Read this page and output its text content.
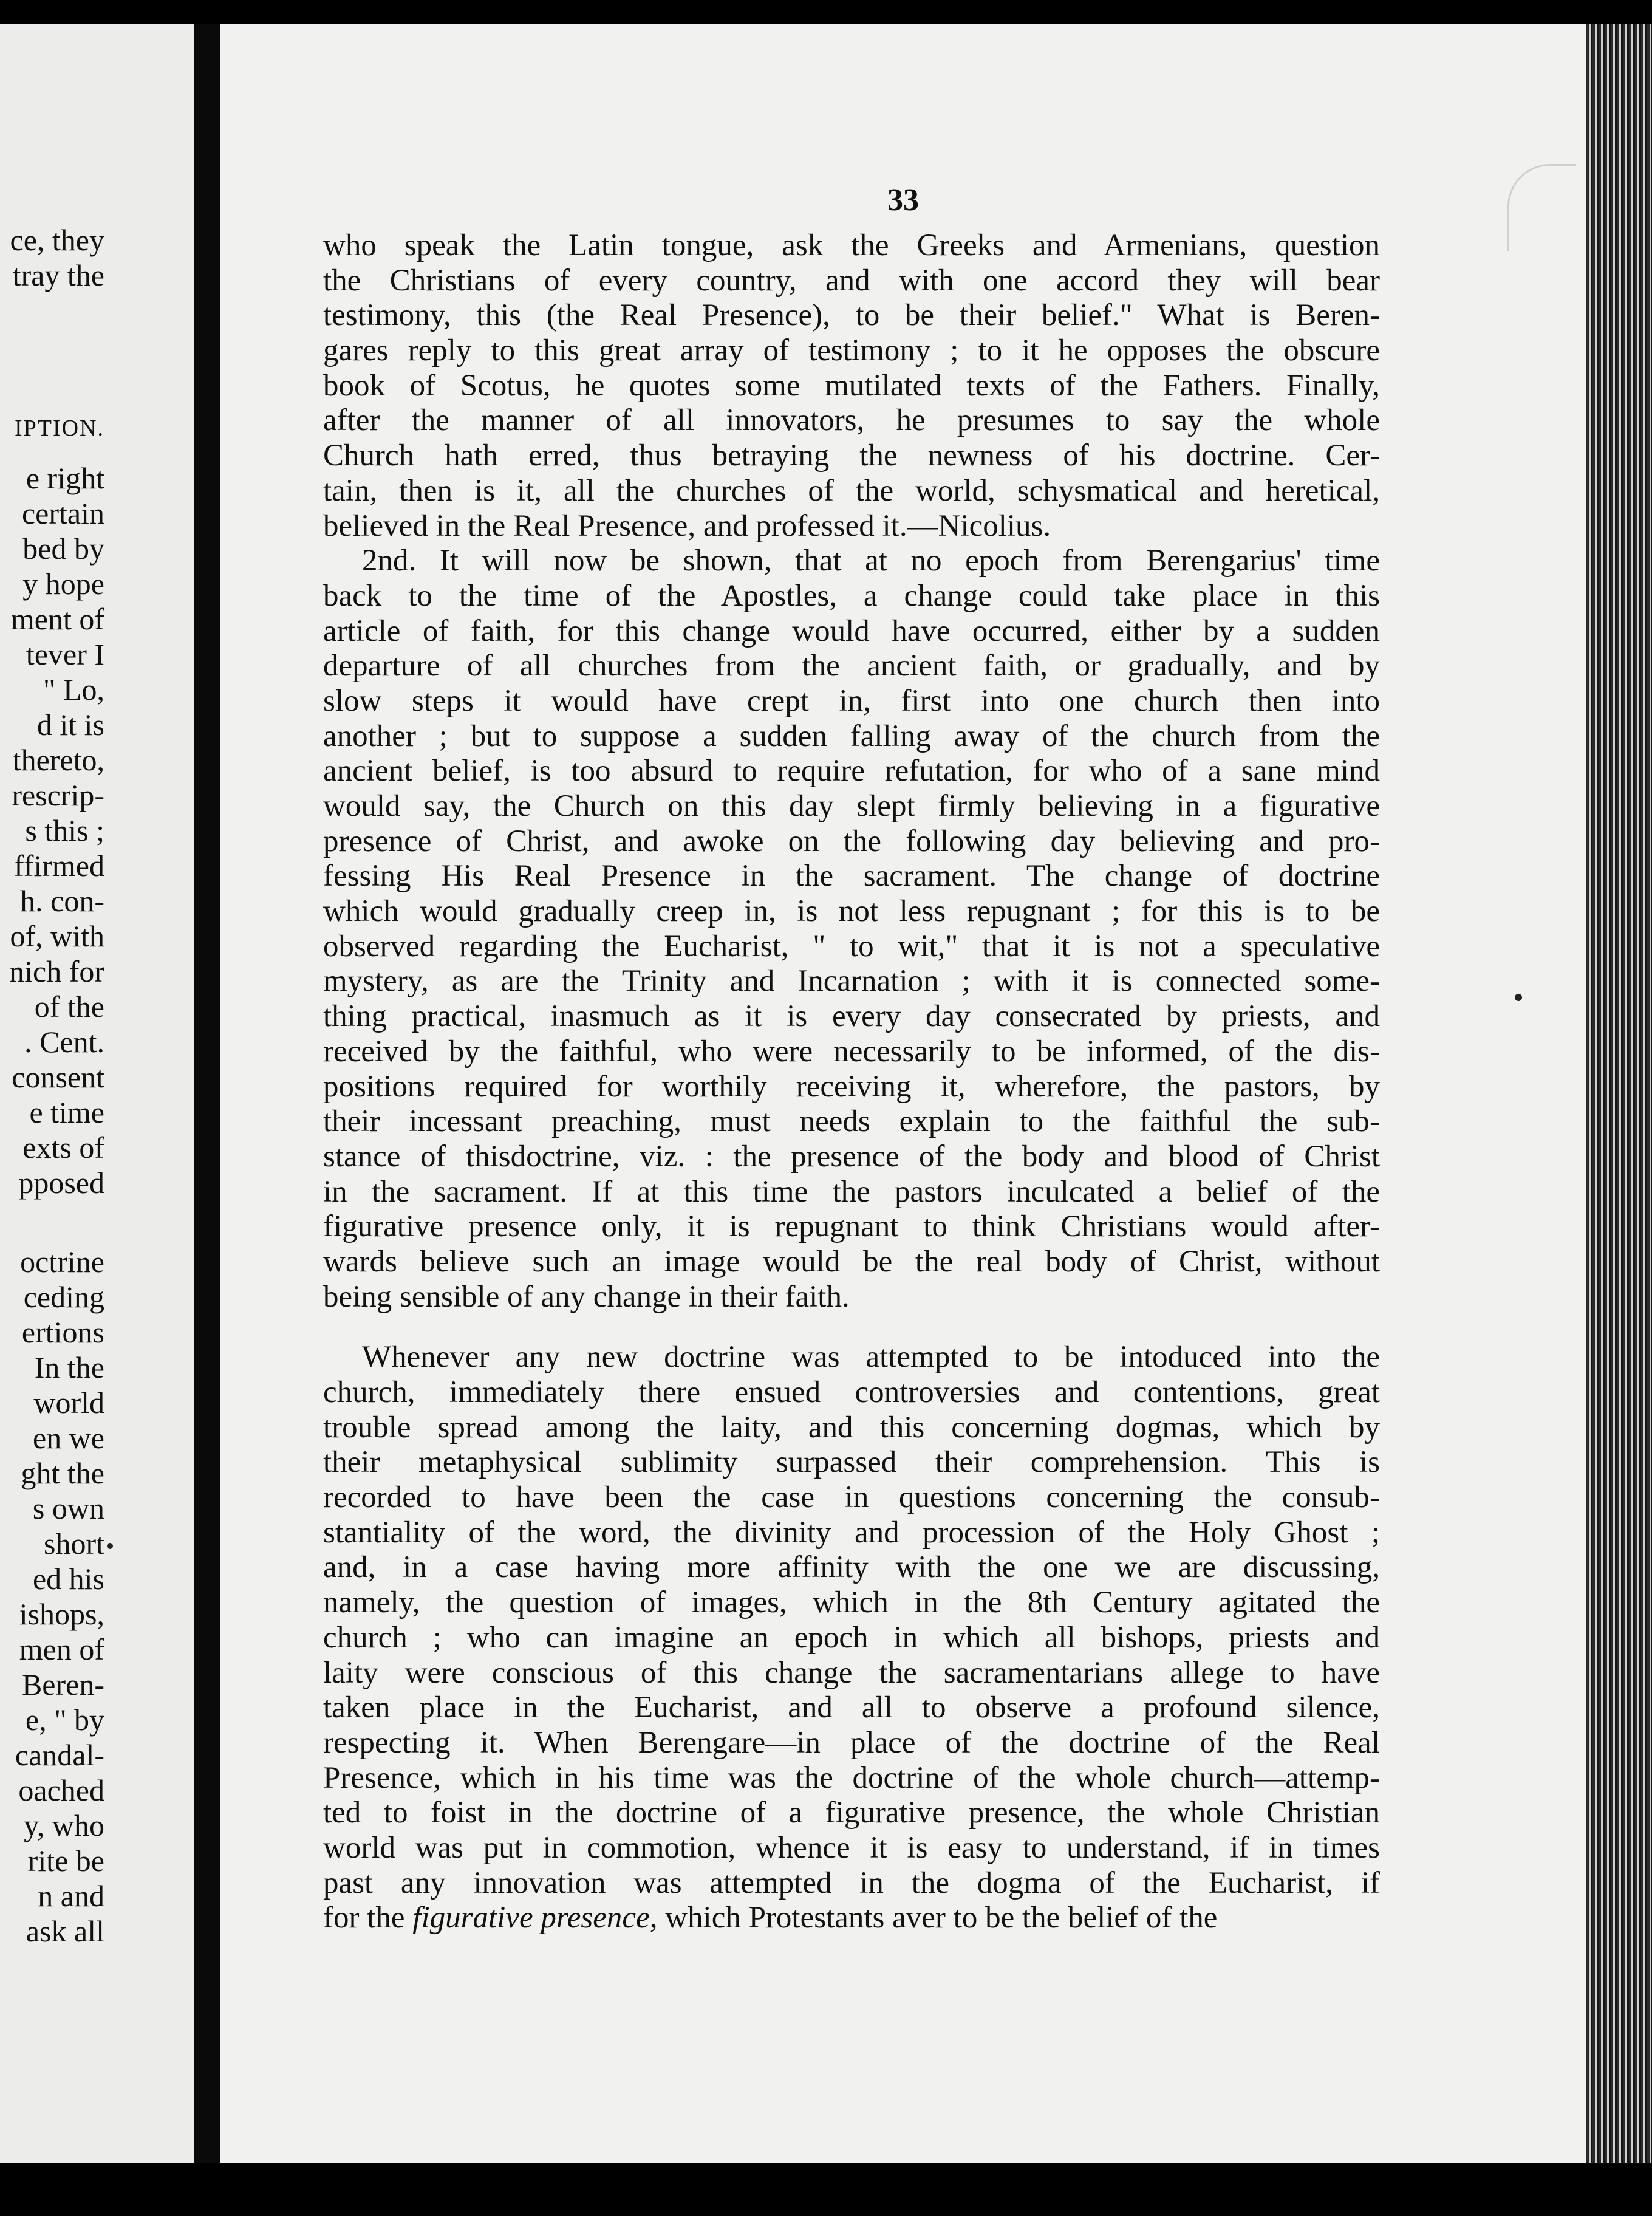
ce, they
tray the
IPTION.
e right
certain
bed by
y hope
ment of
tever I
" Lo,
d it is
thereto,
rescrip-
s this ;
ffirmed
h. con-
of, with
nich for
of the
. Cent.
consent
e time
exts of
pposed
octrine
ceding
ertions
In the
world
en we
ght the
s own
short
ed his
ishops,
men of
Beren-
e, " by
candal-
oached
y, who
rite be
n and
ask all
33
who speak the Latin tongue, ask the Greeks and Armenians, question
the Christians of every country, and with one accord they will bear
testimony, this (the Real Presence), to be their belief." What is Beren-
gares reply to this great array of testimony ; to it he opposes the obscure
book of Scotus, he quotes some mutilated texts of the Fathers. Finally,
after the manner of all innovators, he presumes to say the whole
Church hath erred, thus betraying the newness of his doctrine. Cer-
tain, then is it, all the churches of the world, schysmatical and heretical,
believed in the Real Presence, and professed it.—Nicolius.
2nd. It will now be shown, that at no epoch from Berengarius' time
back to the time of the Apostles, a change could take place in this
article of faith, for this change would have occurred, either by a sudden
departure of all churches from the ancient faith, or gradually, and by
slow steps it would have crept in, first into one church then into
another ; but to suppose a sudden falling away of the church from the
ancient belief, is too absurd to require refutation, for who of a sane mind
would say, the Church on this day slept firmly believing in a figurative
presence of Christ, and awoke on the following day believing and pro-
fessing His Real Presence in the sacrament. The change of doctrine
which would gradually creep in, is not less repugnant ; for this is to be
observed regarding the Eucharist, " to wit," that it is not a speculative
mystery, as are the Trinity and Incarnation ; with it is connected some-
thing practical, inasmuch as it is every day consecrated by priests, and
received by the faithful, who were necessarily to be informed, of the dis-
positions required for worthily receiving it, wherefore, the pastors, by
their incessant preaching, must needs explain to the faithful the sub-
stance of thisdoctrine, viz. : the presence of the body and blood of Christ
in the sacrament. If at this time the pastors inculcated a belief of the
figurative presence only, it is repugnant to think Christians would after-
wards believe such an image would be the real body of Christ, without
being sensible of any change in their faith.
Whenever any new doctrine was attempted to be intoduced into the
church, immediately there ensued controversies and contentions, great
trouble spread among the laity, and this concerning dogmas, which by
their metaphysical sublimity surpassed their comprehension. This is
recorded to have been the case in questions concerning the consub-
stantiality of the word, the divinity and procession of the Holy Ghost ;
and, in a case having more affinity with the one we are discussing,
namely, the question of images, which in the 8th Century agitated the
church ; who can imagine an epoch in which all bishops, priests and
laity were conscious of this change the sacramentarians allege to have
taken place in the Eucharist, and all to observe a profound silence,
respecting it. When Berengare—in place of the doctrine of the Real
Presence, which in his time was the doctrine of the whole church—attemp-
ted to foist in the doctrine of a figurative presence, the whole Christian
world was put in commotion, whence it is easy to understand, if in times
past any innovation was attempted in the dogma of the Eucharist, if
for the figurative presence, which Protestants aver to be the belief of the
